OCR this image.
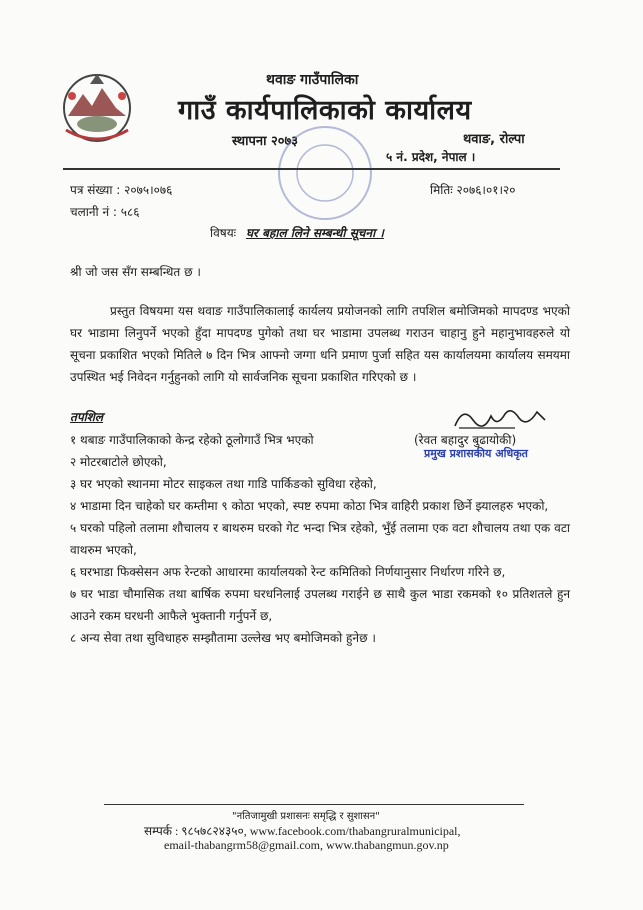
थवाङ गाउँपालिका
गाउँ कार्यपालिकाको कार्यालय
स्थापना २०७३	थवाङ, रोल्पा
५ नं. प्रदेश, नेपाल ।
पत्र संख्या : २०७५।०७६	मितिः २०७६।०१।२०
चलानी नं : ५८६
विषयः घर बहाल लिने सम्बन्धी सूचना ।
श्री जो जस सँग सम्बन्धित छ ।
प्रस्तुत विषयमा यस थवाङ गाउँपालिकालाई कार्यलय प्रयोजनको लागि तपशिल बमोजिमको मापदण्ड भएको घर भाडामा लिनुपर्ने भएको हुँदा मापदण्ड पुगेको तथा घर भाडामा उपलब्ध गराउन चाहानु हुने महानुभावहरुले यो सूचना प्रकाशित भएको मितिले ७ दिन भित्र आफ्नो जग्गा धनि प्रमाण पुर्जा सहित यस कार्यालयमा कार्यालय समयमा उपस्थित भई निवेदन गर्नुहुनको लागि यो सार्वजनिक सूचना प्रकाशित गरिएको छ ।
तपशिल
(रेवत बहादुर बुढायोकी)
प्रमुख प्रशासकीय अधिकृत
१ थबाङ गाउँपालिकाको केन्द्र रहेको ठूलोगाउँ भित्र भएको
२ मोटरबाटोले छोएको,
३ घर भएको स्थानमा मोटर साइकल तथा गाडि पार्किङको सुविधा रहेको,
४ भाडामा दिन चाहेको घर कम्तीमा ९ कोठा भएको, स्पष्ट रुपमा कोठा भित्र वाहिरी प्रकाश छिर्ने झ्यालहरु भएको,
५ घरको पहिलो तलामा शौचालय र बाथरुम घरको गेट भन्दा भित्र रहेको, भुँई तलामा एक वटा शौचालय तथा एक वटा वाथरुम भएको,
६ घरभाडा फिक्सेसन अफ रेन्टको आधारमा कार्यालयको रेन्ट कमितिको निर्णयानुसार निर्धारण गरिने छ,
७ घर भाडा चौमासिक तथा बार्षिक रुपमा घरधनिलाई उपलब्ध गराईने छ साथै कुल भाडा रकमको १० प्रतिशतले हुन आउने रकम घरधनी आफैले भुक्तानी गर्नुपर्ने छ,
८ अन्य सेवा तथा सुविधाहरु सम्झौतामा उल्लेख भए बमोजिमको हुनेछ ।
"नतिजामुखी प्रशासनः समृद्धि र सुशासन"
सम्पर्क : ९८५७८२४३५०, www.facebook.com/thabangruralmunicipal,
email-thabangrm58@gmail.com, www.thabangmun.gov.np
